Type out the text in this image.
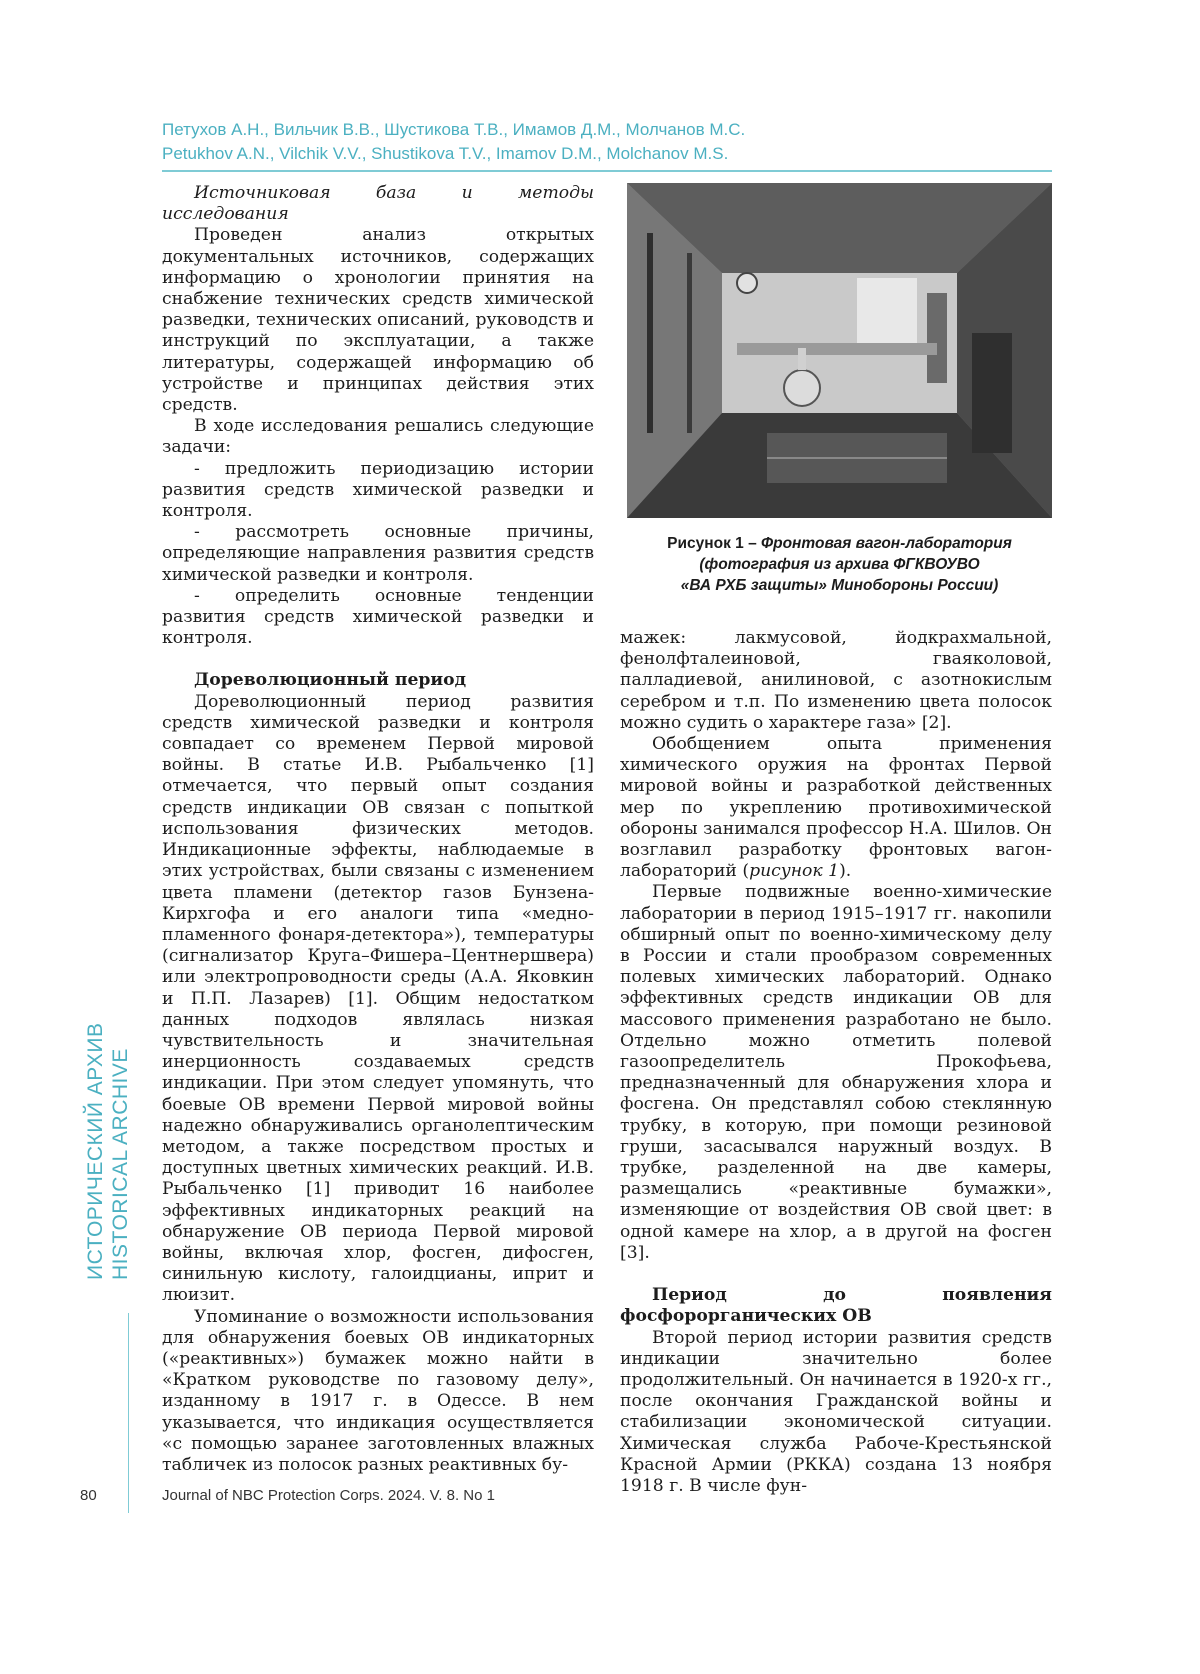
Петухов А.Н., Вильчик В.В., Шустикова Т.В., Имамов Д.М., Молчанов М.С.
Petukhov A.N., Vilchik V.V., Shustikova T.V., Imamov D.M., Molchanov M.S.

Источниковая база и методы исследования

Проведен анализ открытых документальных источников, содержащих информацию о хронологии принятия на снабжение технических средств химической разведки, технических описаний, руководств и инструкций по эксплуатации, а также литературы, содержащей информацию об устройстве и принципах действия этих средств.

В ходе исследования решались следующие задачи:

- предложить периодизацию истории развития средств химической разведки и контроля.

- рассмотреть основные причины, определяющие направления развития средств химической разведки и контроля.

- определить основные тенденции развития средств химической разведки и контроля.

Дореволюционный период

Дореволюционный период развития средств химической разведки и контроля совпадает со временем Первой мировой войны. В статье И.В. Рыбальченко [1] отмечается, что первый опыт создания средств индикации ОВ связан с попыткой использования физических методов. Индикационные эффекты, наблюдаемые в этих устройствах, были связаны с изменением цвета пламени (детектор газов Бунзена-Кирхгофа и его аналоги типа «медно-пламенного фонаря-детектора»), температуры (сигнализатор Круга–Фишера–Центнершвера) или электропроводности среды (А.А. Яковкин и П.П. Лазарев) [1]. Общим недостатком данных подходов являлась низкая чувствительность и значительная инерционность создаваемых средств индикации. При этом следует упомянуть, что боевые ОВ времени Первой мировой войны надежно обнаруживались органолептическим методом, а также посредством простых и доступных цветных химических реакций. И.В. Рыбальченко [1] приводит 16 наиболее эффективных индикаторных реакций на обнаружение ОВ периода Первой мировой войны, включая хлор, фосген, дифосген, синильную кислоту, галоидцианы, иприт и люизит.

Упоминание о возможности использования для обнаружения боевых ОВ индикаторных («реактивных») бумажек можно найти в «Кратком руководстве по газовому делу», изданному в 1917 г. в Одессе. В нем указывается, что индикация осуществляется «с помощью заранее заготовленных влажных табличек из полосок разных реактивных бу-

Рисунок 1 – Фронтовая вагон-лаборатория
(фотография из архива ФГКВОУВО
«ВА РХБ защиты» Минобороны России)

мажек: лакмусовой, йодкрахмальной, фенолфталеиновой, гваяколовой, палладиевой, анилиновой, с азотнокислым серебром и т.п. По изменению цвета полосок можно судить о характере газа» [2].

Обобщением опыта применения химического оружия на фронтах Первой мировой войны и разработкой действенных мер по укреплению противохимической обороны занимался профессор Н.А. Шилов. Он возглавил разработку фронтовых вагон-лабораторий (рисунок 1).

Первые подвижные военно-химические лаборатории в период 1915–1917 гг. накопили обширный опыт по военно-химическому делу в России и стали прообразом современных полевых химических лабораторий. Однако эффективных средств индикации ОВ для массового применения разработано не было. Отдельно можно отметить полевой газоопределитель Прокофьева, предназначенный для обнаружения хлора и фосгена. Он представлял собою стеклянную трубку, в которую, при помощи резиновой груши, засасывался наружный воздух. В трубке, разделенной на две камеры, размещались «реактивные бумажки», изменяющие от воздействия ОВ свой цвет: в одной камере на хлор, а в другой на фосген [3].

Период до появления фосфорорганических ОВ

Второй период истории развития средств индикации значительно более продолжительный. Он начинается в 1920-х гг., после окончания Гражданской войны и стабилизации экономической ситуации. Химическая служба Рабоче-Крестьянской Красной Армии (РККА) создана 13 ноября 1918 г. В числе фун-

ИСТОРИЧЕСКИЙ АРХИВ HISTORICAL ARCHIVE
80	Journal of NBC Protection Corps. 2024. V. 8. No 1
